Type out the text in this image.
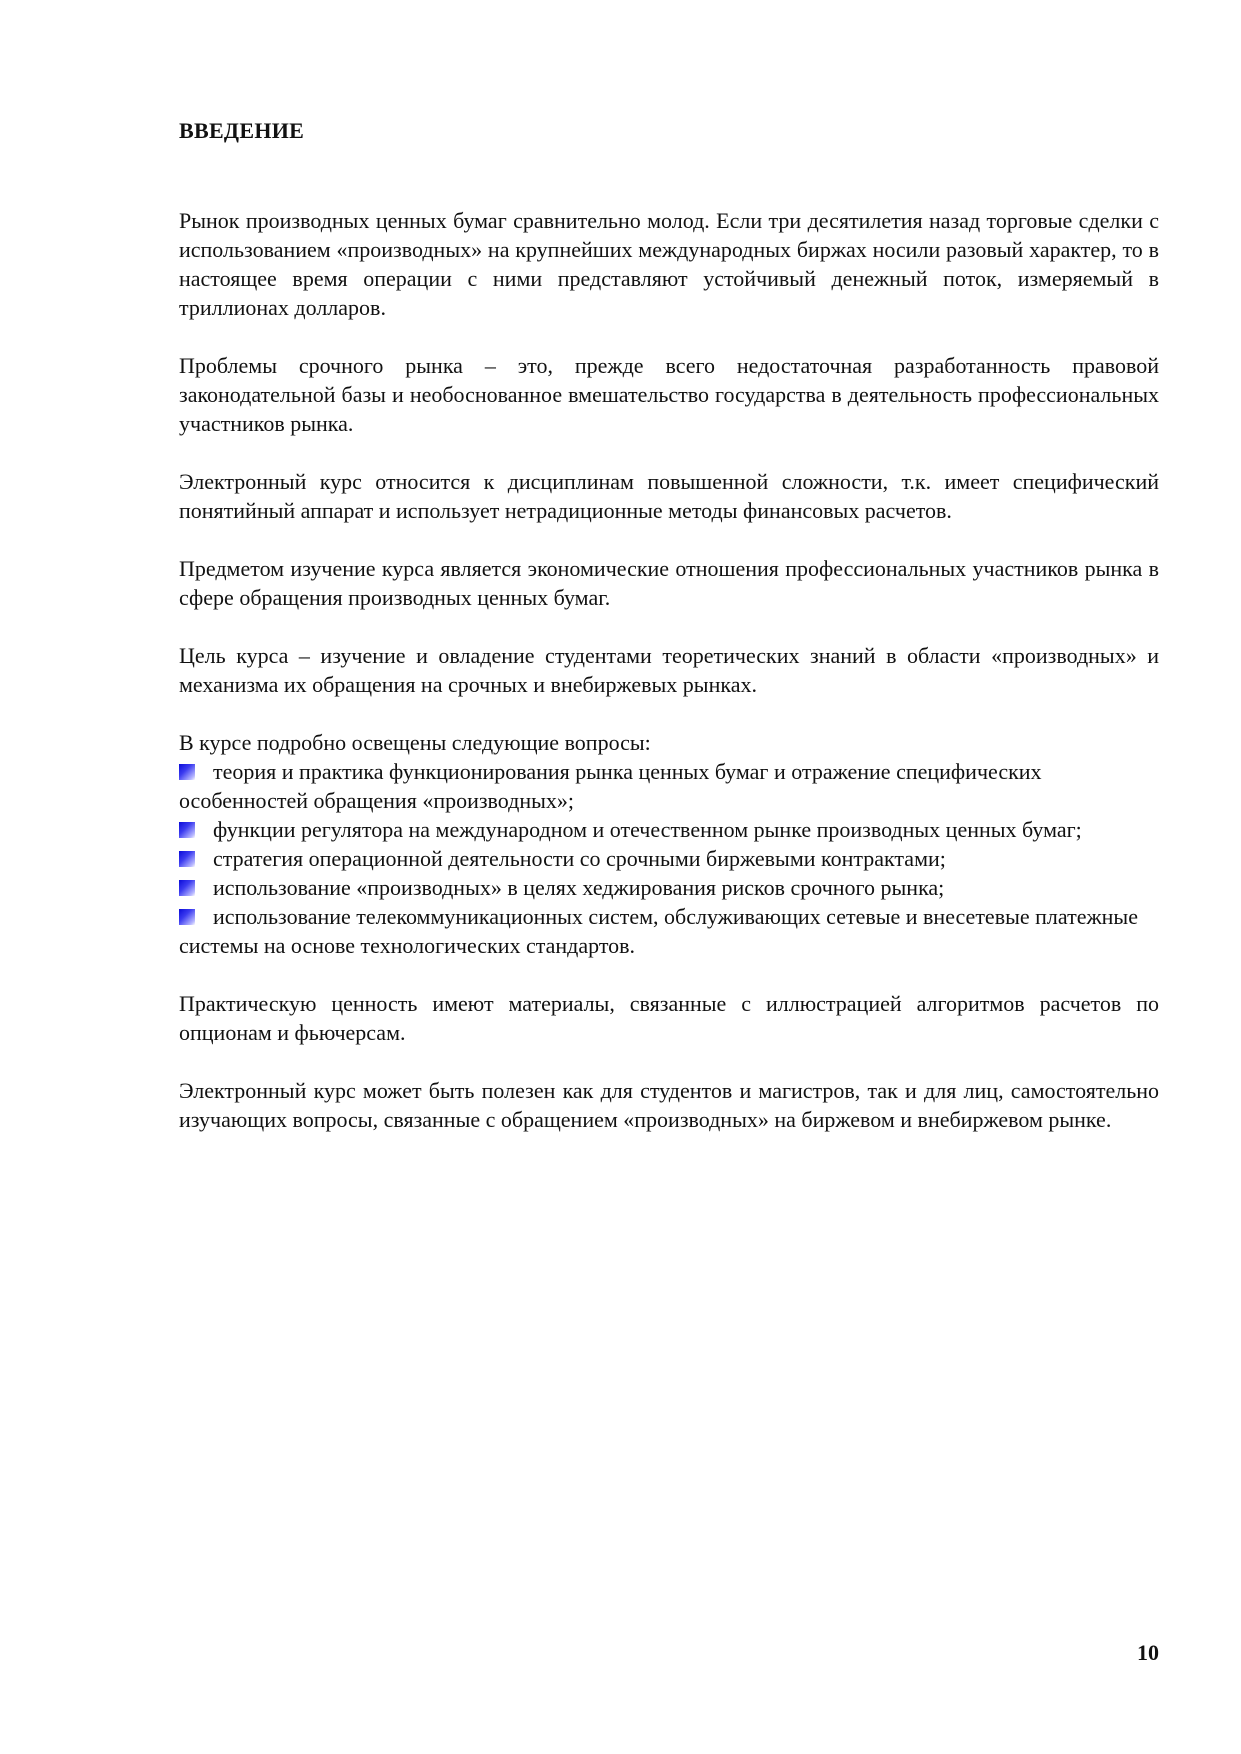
ВВЕДЕНИЕ

Рынок производных ценных бумаг сравнительно молод. Если три десятилетия назад торговые сделки с использованием «производных» на крупнейших международных биржах носили разовый характер, то в настоящее время операции с ними представляют устойчивый денежный поток, измеряемый в триллионах долларов.

Проблемы срочного рынка – это, прежде всего недостаточная разработанность правовой законодательной базы и необоснованное вмешательство государства в деятельность профессиональных участников рынка.

Электронный курс относится к дисциплинам повышенной сложности, т.к. имеет специфический понятийный аппарат и использует нетрадиционные методы финансовых расчетов.

Предметом изучение курса является экономические отношения профессиональных участников рынка в сфере обращения производных ценных бумаг.

Цель курса – изучение и овладение студентами теоретических знаний в области «производных» и механизма их обращения на срочных и внебиржевых рынках.

В курсе подробно освещены следующие вопросы:
теория и практика функционирования рынка ценных бумаг и отражение специфических особенностей обращения «производных»;
функции регулятора на международном и отечественном рынке производных ценных бумаг;
стратегия операционной деятельности со срочными биржевыми контрактами;
использование «производных» в целях хеджирования рисков срочного рынка;
использование телекоммуникационных систем, обслуживающих сетевые и внесетевые платежные системы на основе технологических стандартов.

Практическую ценность имеют материалы, связанные с иллюстрацией алгоритмов расчетов по опционам и фьючерсам.

Электронный курс может быть полезен как для студентов и магистров, так и для лиц, самостоятельно изучающих вопросы, связанные с обращением «производных» на биржевом и внебиржевом рынке.

10
